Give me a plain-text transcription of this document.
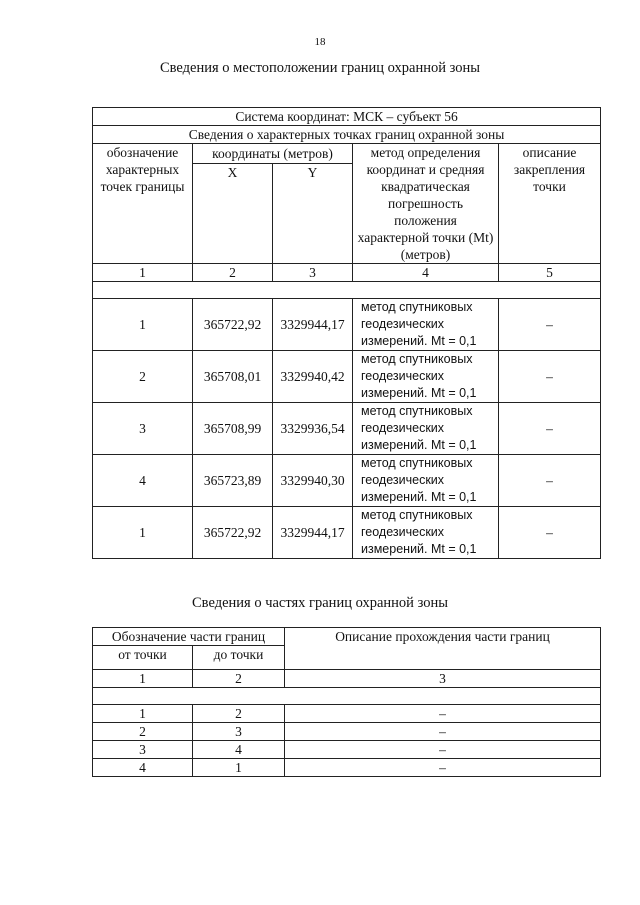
18
Сведения о местоположении границ охранной зоны
Система координат: МСК – субъект 56				
Сведения о характерных точках границ охранной зоны				
обозначение характерных точек границы	координаты (метров)		метод определения координат и средняя квадратическая погрешность положения характерной точки (Mt) (метров)	описание закрепления точки
	X	Y		
1	2	3	4	5

1	365722,92	3329944,17	метод спутниковых геодезических измерений. Mt = 0,1	–
2	365708,01	3329940,42	метод спутниковых геодезических измерений. Mt = 0,1	–
3	365708,99	3329936,54	метод спутниковых геодезических измерений. Mt = 0,1	–
4	365723,89	3329940,30	метод спутниковых геодезических измерений. Mt = 0,1	–
1	365722,92	3329944,17	метод спутниковых геодезических измерений. Mt = 0,1	–
Сведения о частях границ охранной зоны
Обозначение части границ		Описание прохождения части границ
от точки	до точки	
1	2	3

1	2	–
2	3	–
3	4	–
4	1	–
